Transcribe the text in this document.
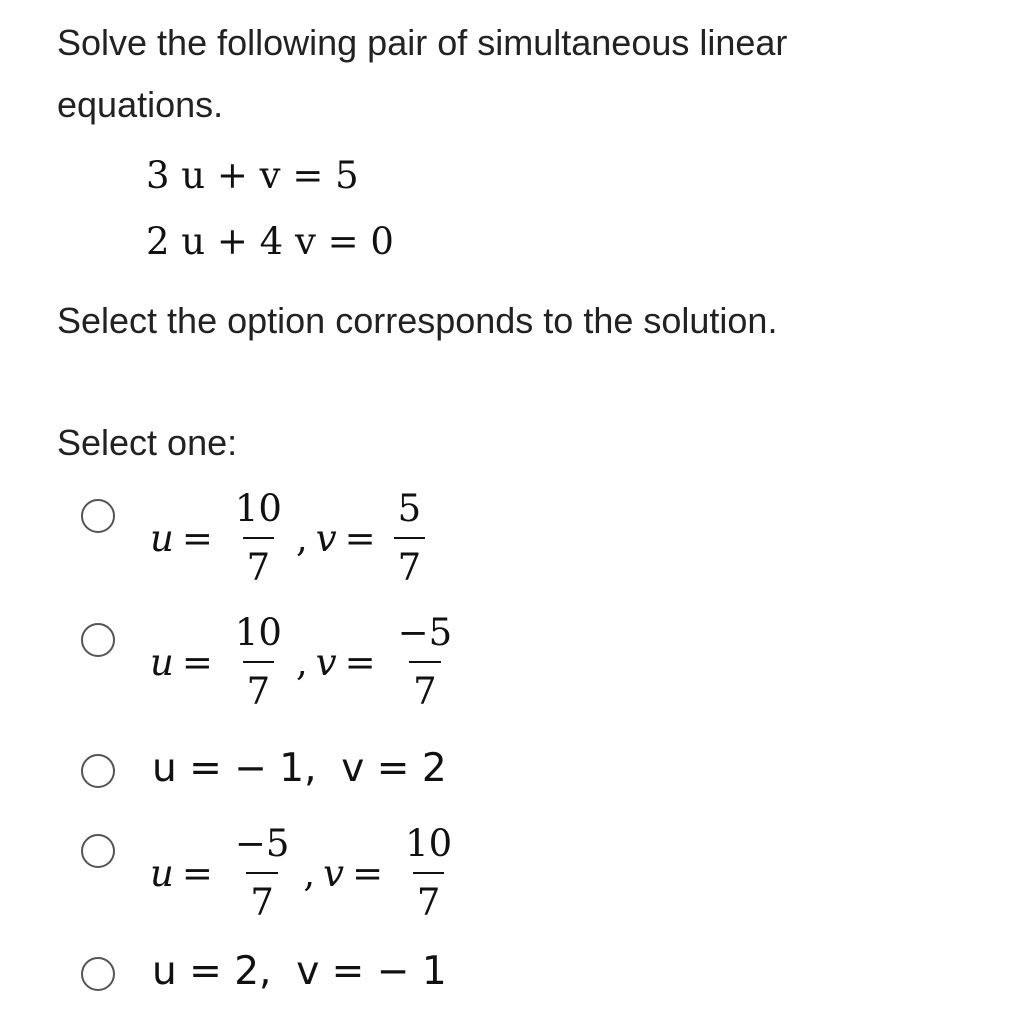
Solve the following pair of simultaneous linear equations.

3 u + v = 5
2 u + 4 v = 0

Select the option corresponds to the solution.

Select one:

$u = \frac{10}{7}$ , $v = \frac{5}{7}$
$u = \frac{10}{7}$ , $v = \frac{-5}{7}$
u = − 1,  v = 2
$u = \frac{-5}{7}$ , $v = \frac{10}{7}$
u = 2,  v = − 1
